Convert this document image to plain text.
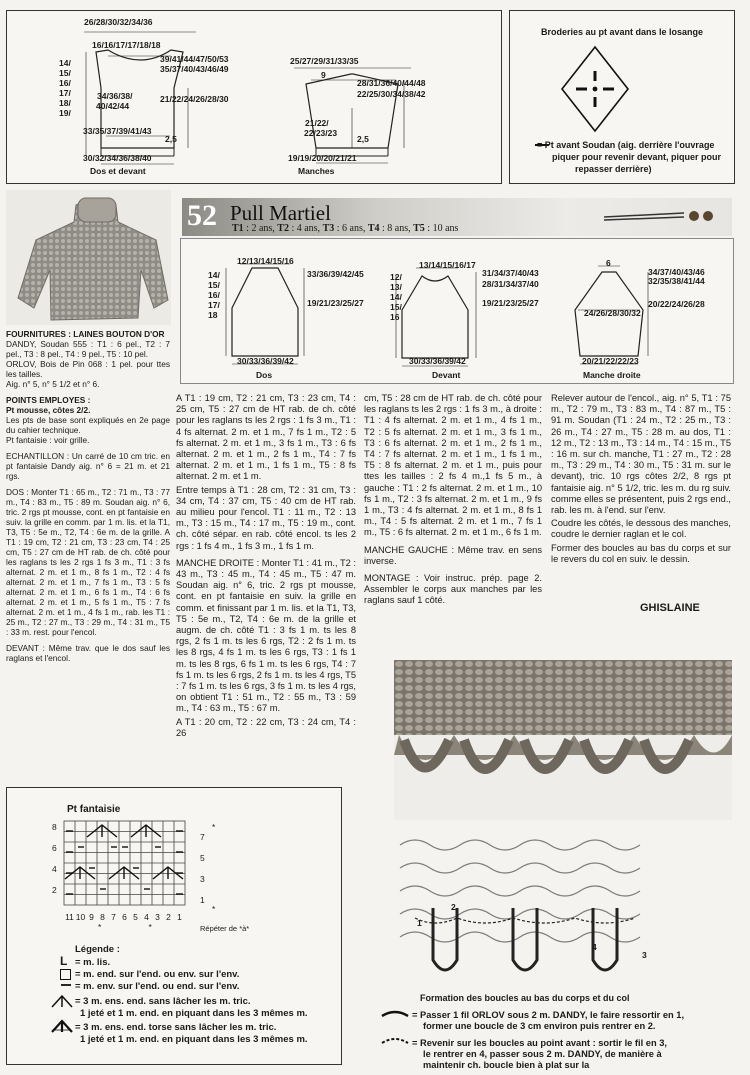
26/28/30/32/34/36
16/16/17/17/18/18
14/
15/
16/
17/
18/
19/
39/41/44/47/50/53
35/37/40/43/46/49
34/36/38/
40/42/44
21/22/24/26/28/30
33/35/37/39/41/43
2,5
30/32/34/36/38/40
Dos et devant
25/27/29/31/33/35
9
28/31/36/40/44/48
22/25/30/34/38/42
21/22/
22/23/23
2,5
19/19/20/20/21/21
Manches
Broderies au pt avant dans le losange
= Pt avant Soudan (aig. derrière l'ouvrage
piquer pour revenir devant, piquer pour
repasser derrière)
52 Pull Martiel
T1 : 2 ans, T2 : 4 ans, T3 : 6 ans, T4 : 8 ans, T5 : 10 ans
12/13/14/15/16
14/
15/
16/
17/
18
33/36/39/42/45
19/21/23/25/27
30/33/36/39/42
Dos
13/14/15/16/17
12/
13/
14/
15/
16
31/34/37/40/43
28/31/34/37/40
19/21/23/25/27
30/33/36/39/42
Devant
6
34/37/40/43/46
32/35/38/41/44
20/22/24/26/28
24/26/28/30/32
20/21/22/22/23
Manche droite

FOURNITURES : LAINES BOUTON D'OR
DANDY, Soudan 555 : T1 : 6 pel., T2 : 7 pel., T3 : 8 pel., T4 : 9 pel., T5 : 10 pel.
ORLOV, Bois de Pin 068 : 1 pel. pour ttes les tailles.
Aig. n° 5, n° 5 1/2 et n° 6.

POINTS EMPLOYES :
Pt mousse, côtes 2/2.
Les pts de base sont expliqués en 2e page du cahier technique.
Pt fantaisie : voir grille.

ECHANTILLON : Un carré de 10 cm tric. en pt fantaisie Dandy aig. n° 6 = 21 m. et 21 rgs.

DOS : Monter T1 : 65 m., T2 : 71 m., T3 : 77 m., T4 : 83 m., T5 : 89 m. Soudan aig. n° 6, tric. 2 rgs pt mousse, cont. en pt fantaisie en suiv. la grille en comm. par 1 m. lis. et la T1, T3, T5 : 5e m., T2, T4 : 6e m. de la grille. A T1 : 19 cm, T2 : 21 cm, T3 : 23 cm, T4 : 25 cm, T5 : 27 cm de HT rab. de ch. côté pour les raglans ts les 2 rgs 1 fs 3 m., T1 : 3 fs alternat. 2 m. et 1 m., 8 fs 1 m., T2 : 4 fs alternat. 2 m. et 1 m., 7 fs 1 m., T3 : 5 fs alternat. 2 m. et 1 m., 6 fs 1 m., T4 : 6 fs alternat. 2 m. et 1 m., 5 fs 1 m., T5 : 7 fs alternat. 2 m. et 1 m., 4 fs 1 m., rab. les T1 : 25 m., T2 : 27 m., T3 : 29 m., T4 : 31 m., T5 : 33 m. rest. pour l'encol.

DEVANT : Même trav. que le dos sauf les raglans et l'encol.

A T1 : 19 cm, T2 : 21 cm, T3 : 23 cm, T4 : 25 cm, T5 : 27 cm de HT rab. de ch. côté pour les raglans ts les 2 rgs : 1 fs 3 m., T1 : 4 fs alternat. 2 m. et 1 m., 7 fs 1 m., T2 : 5 fs alternat. 2 m. et 1 m., 3 fs 1 m., T3 : 6 fs alternat. 2 m. et 1 m., 2 fs 1 m., T4 : 7 fs alternat. 2 m. et 1 m., 1 fs 1 m., T5 : 8 fs alternat. 2 m. et 1 m.

Entre temps à T1 : 28 cm, T2 : 31 cm, T3 : 34 cm, T4 : 37 cm, T5 : 40 cm de HT rab. au milieu pour l'encol. T1 : 11 m., T2 : 13 m., T3 : 15 m., T4 : 17 m., T5 : 19 m., cont. ch. côté sépar. en rab. côté encol. ts les 2 rgs : 1 fs 4 m., 1 fs 3 m., 1 fs 1 m.

MANCHE DROITE : Monter T1 : 41 m., T2 : 43 m., T3 : 45 m., T4 : 45 m., T5 : 47 m. Soudan aig. n° 6, tric. 2 rgs pt mousse, cont. en pt fantaisie en suiv. la grille en comm. et finissant par 1 m. lis. et la T1, T3, T5 : 5e m., T2, T4 : 6e m. de la grille et augm. de ch. côté T1 : 3 fs 1 m. ts les 8 rgs, 2 fs 1 m. ts les 6 rgs, T2 : 2 fs 1 m. ts les 8 rgs, 4 fs 1 m. ts les 6 rgs, T3 : 1 fs 1 m. ts les 8 rgs, 6 fs 1 m. ts les 6 rgs, T4 : 7 fs 1 m. ts les 6 rgs, 2 fs 1 m. ts les 4 rgs, T5 : 7 fs 1 m. ts les 6 rgs, 3 fs 1 m. ts les 4 rgs, on obtient T1 : 51 m., T2 : 55 m., T3 : 59 m., T4 : 63 m., T5 : 67 m.

A T1 : 20 cm, T2 : 22 cm, T3 : 24 cm, T4 : 26

cm, T5 : 28 cm de HT rab. de ch. côté pour les raglans ts les 2 rgs : 1 fs 3 m., à droite : T1 : 4 fs alternat. 2 m. et 1 m., 4 fs 1 m., T2 : 5 fs alternat. 2 m. et 1 m., 3 fs 1 m., T3 : 6 fs alternat. 2 m. et 1 m., 2 fs 1 m., T4 : 7 fs alternat. 2 m. et 1 m., 1 fs 1 m., T5 : 8 fs alternat. 2 m. et 1 m., puis pour ttes les tailles : 2 fs 4 m.,1 fs 5 m., à gauche : T1 : 2 fs alternat. 2 m. et 1 m., 10 fs 1 m., T2 : 3 fs alternat. 2 m. et 1 m., 9 fs 1 m., T3 : 4 fs alternat. 2 m. et 1 m., 8 fs 1 m., T4 : 5 fs alternat. 2 m. et 1 m., 7 fs 1 m., T5 : 6 fs alternat. 2 m. et 1 m., 6 fs 1 m.

MANCHE GAUCHE : Même trav. en sens inverse.

MONTAGE : Voir instruc. prép. page 2. Assembler le corps aux manches par les raglans sauf 1 côté.

Relever autour de l'encol., aig. n° 5, T1 : 75 m., T2 : 79 m., T3 : 83 m., T4 : 87 m., T5 : 91 m. Soudan (T1 : 24 m., T2 : 25 m., T3 : 26 m., T4 : 27 m., T5 : 28 m. au dos, T1 : 12 m., T2 : 13 m., T3 : 14 m., T4 : 15 m., T5 : 16 m. sur ch. manche, T1 : 27 m., T2 : 28 m., T3 : 29 m., T4 : 30 m., T5 : 31 m. sur le devant), tric. 10 rgs côtes 2/2, 8 rgs pt fantaisie aig. n° 5 1/2, tric. les m. du rg suiv. comme elles se présentent, puis 2 rgs end., rab. les m. à l'end. sur l'env.

Coudre les côtés, le dessous des manches, coudre le dernier raglan et le col.

Former des boucles au bas du corps et sur le revers du col en suiv. le dessin.

GHISLAINE
Pt fantaisie
8
7
6
5
4
3
2
1
*
*
11 10 9 8 7 6 5 4 3 2 1
*                    *	Répéter de *à*
Légende :
L = m. lis.
= m. end. sur l'end. ou env. sur l'env.
= m. env. sur l'end. ou end. sur l'env.
= 3 m. ens. end. sans lâcher les m. tric.
1 jeté et 1 m. end. en piquant dans les 3 mêmes m.
= 3 m. ens. end. torse sans lâcher les m. tric.
1 jeté et 1 m. end. en piquant dans les 3 mêmes m.
1
2
3
4
Formation des boucles au bas du corps et du col
= Passer 1 fil ORLOV sous 2 m. DANDY, le faire ressortir en 1,
former une boucle de 3 cm environ puis rentrer en 2.
= Revenir sur les boucles au point avant : sortir le fil en 3,
le rentrer en 4, passer sous 2 m. DANDY, de manière à
maintenir ch. boucle bien à plat sur la
